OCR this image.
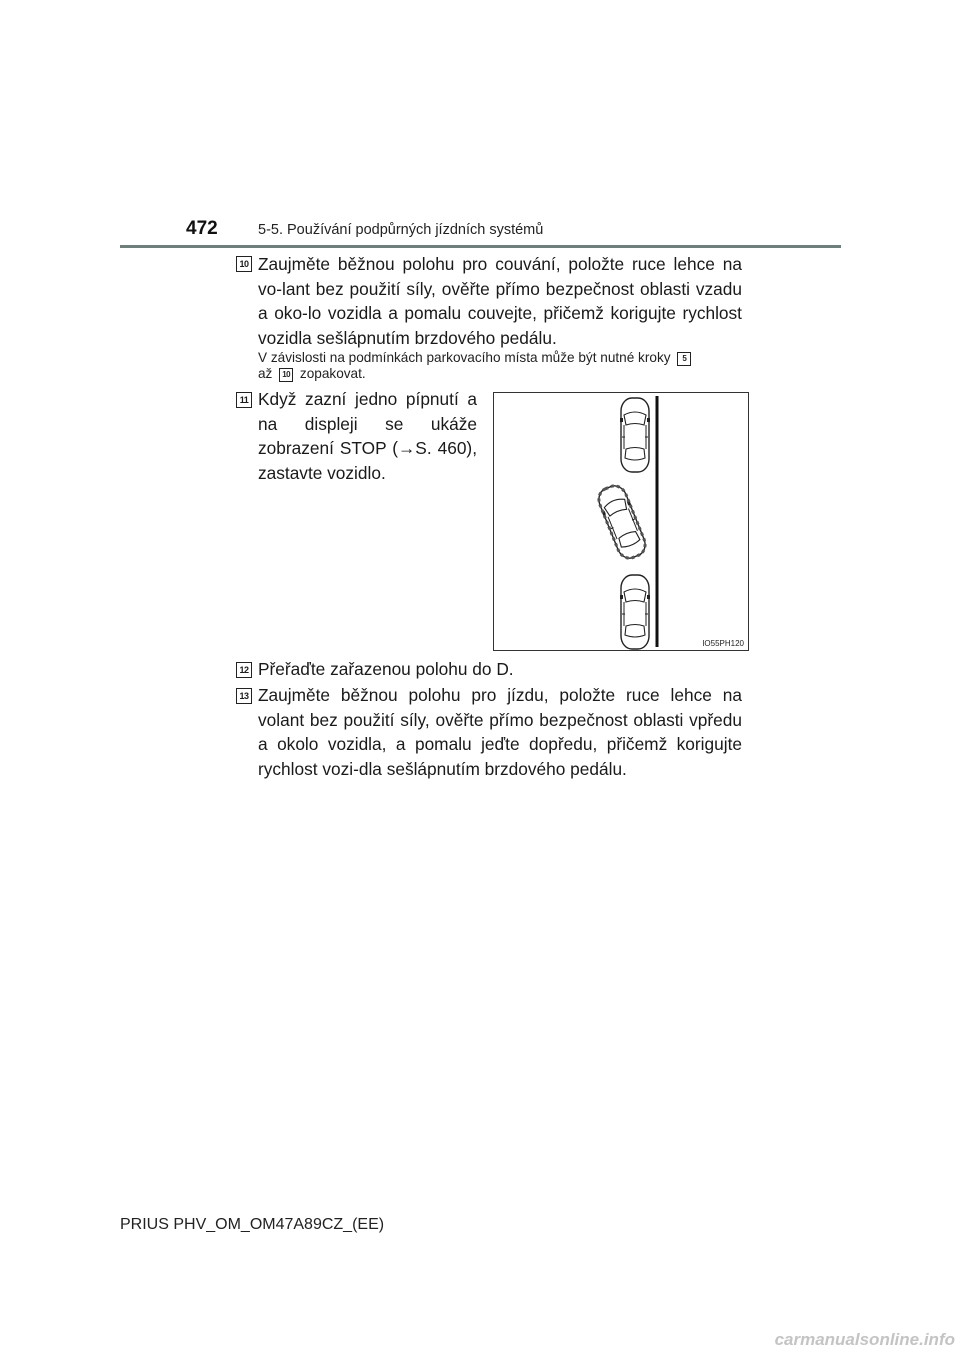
472	5-5. Používání podpůrných jízdních systémů
10 Zaujměte běžnou polohu pro couvání, položte ruce lehce na vo-lant bez použití síly, ověřte přímo bezpečnost oblasti vzadu a oko-lo vozidla a pomalu couvejte, přičemž korigujte rychlost vozidla sešlápnutím brzdového pedálu.
V závislosti na podmínkách parkovacího místa může být nutné kroky 5
až 10 zopakovat.
11 Když zazní jedno pípnutí a na displeji se ukáže zobrazení STOP (→S. 460), zastavte vozidlo.
IO55PH120
12 Přeřaďte zařazenou polohu do D.
13 Zaujměte běžnou polohu pro jízdu, položte ruce lehce na volant bez použití síly, ověřte přímo bezpečnost oblasti vpředu a okolo vozidla, a pomalu jeďte dopředu, přičemž korigujte rychlost vozi-dla sešlápnutím brzdového pedálu.
PRIUS PHV_OM_OM47A89CZ_(EE)
carmanualsonline.info
